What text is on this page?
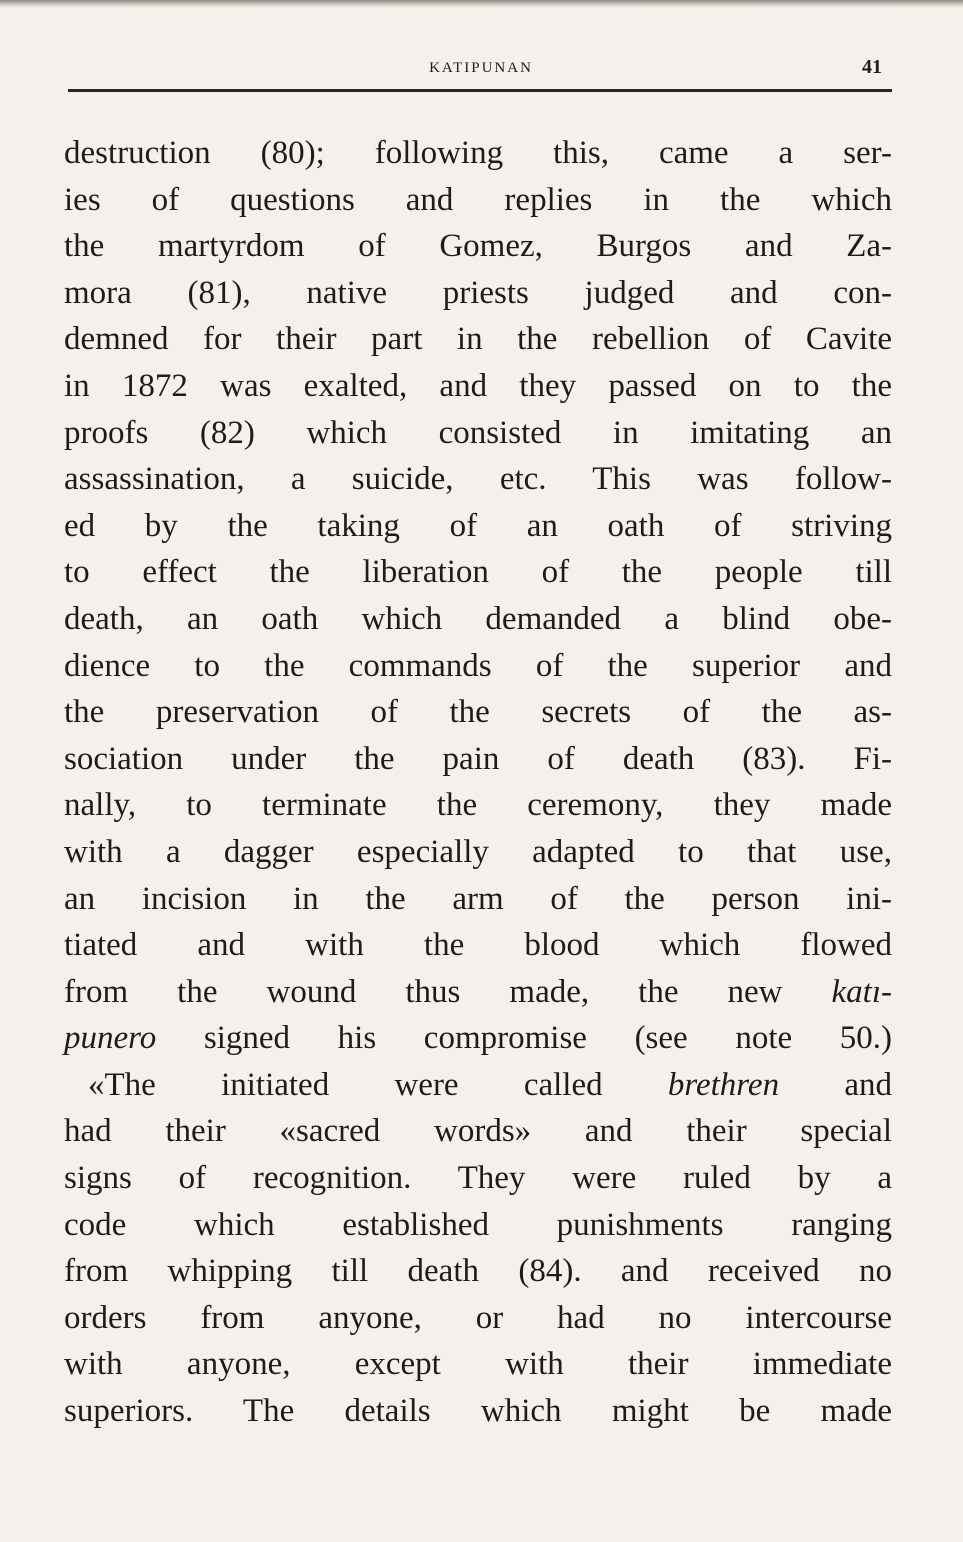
KATIPUNAN	41
destruction (80); following this, came a ser-
ies of questions and replies in the which
the martyrdom of Gomez, Burgos and Za-
mora (81), native priests judged and con-
demned for their part in the rebellion of Cavite
in 1872 was exalted, and they passed on to the
proofs (82) which consisted in imitating an
assassination, a suicide, etc. This was follow-
ed by the taking of an oath of striving
to effect the liberation of the people till
death, an oath which demanded a blind obe-
dience to the commands of the superior and
the preservation of the secrets of the as-
sociation under the pain of death (83). Fi-
nally, to terminate the ceremony, they made
with a dagger especially adapted to that use,
an incision in the arm of the person ini-
tiated and with the blood which flowed
from the wound thus made, the new katı-
punero signed his compromise (see note 50.)
«The initiated were called brethren and
had their «sacred words» and their special
signs of recognition. They were ruled by a
code which established punishments ranging
from whipping till death (84). and received no
orders from anyone, or had no intercourse
with anyone, except with their immediate
superiors. The details which might be made
